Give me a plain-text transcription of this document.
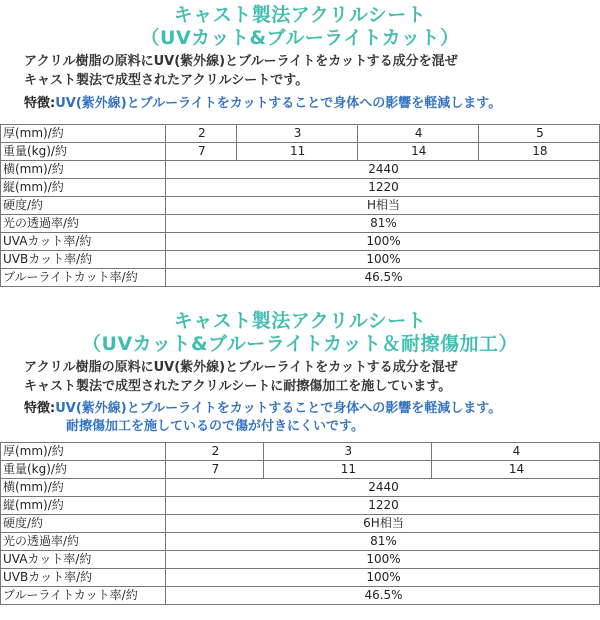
キャスト製法アクリルシート
（UVカット&ブルーライトカット）
アクリル樹脂の原料にUV(紫外線)とブルーライトをカットする成分を混ぜ
キャスト製法で成型されたアクリルシートです。
特徴:UV(紫外線)とブルーライトをカットすることで身体への影響を軽減します。
厚(mm)/約	2	3	4	5
重量(kg)/約	7	11	14	18
横(mm)/約	2440			
縦(mm)/約	1220			
硬度/約	H相当			
光の透過率/約	81%			
UVAカット率/約	100%			
UVBカット率/約	100%			
ブルーライトカット率/約	46.5%			
キャスト製法アクリルシート
（UVカット&ブルーライトカット＆耐擦傷加工）
アクリル樹脂の原料にUV(紫外線)とブルーライトをカットする成分を混ぜ
キャスト製法で成型されたアクリルシートに耐擦傷加工を施しています。
特徴:UV(紫外線)とブルーライトをカットすることで身体への影響を軽減します。
耐擦傷加工を施しているので傷が付きにくいです。
厚(mm)/約	2	3	4
重量(kg)/約	7	11	14
横(mm)/約	2440		
縦(mm)/約	1220		
硬度/約	6H相当		
光の透過率/約	81%		
UVAカット率/約	100%		
UVBカット率/約	100%		
ブルーライトカット率/約	46.5%		
